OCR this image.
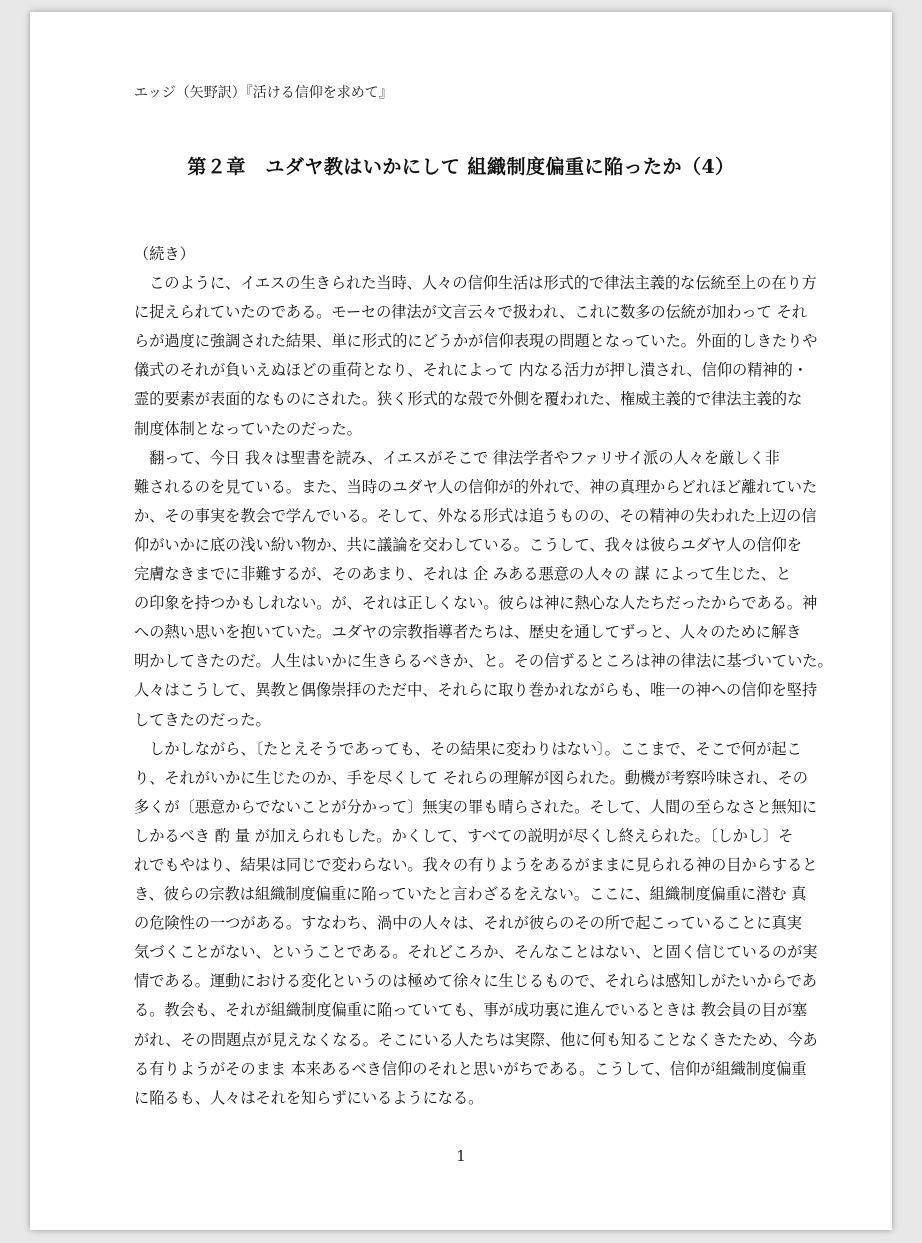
エッジ（矢野訳）『活ける信仰を求めて』
第２章　ユダヤ教はいかにして 組織制度偏重に陥ったか（4）
（続き）
　このように、イエスの生きられた当時、人々の信仰生活は形式的で律法主義的な伝統至上の在り方
に捉えられていたのである。モーセの律法が文言云々で扱われ、これに数多の伝統が加わって それ
らが過度に強調された結果、単に形式的にどうかが信仰表現の問題となっていた。外面的しきたりや
儀式のそれが負いえぬほどの重荷となり、それによって 内なる活力が押し潰され、信仰の精神的・
霊的要素が表面的なものにされた。狭く形式的な殻で外側を覆われた、権威主義的で律法主義的な
制度体制となっていたのだった。
　翻って、今日 我々は聖書を読み、イエスがそこで 律法学者やファリサイ派の人々を厳しく非
難されるのを見ている。また、当時のユダヤ人の信仰が的外れで、神の真理からどれほど離れていた
か、その事実を教会で学んでいる。そして、外なる形式は追うものの、その精神の失われた上辺の信
仰がいかに底の浅い紛い物か、共に議論を交わしている。こうして、我々は彼らユダヤ人の信仰を
完膚なきまでに非難するが、そのあまり、それは 企 みある悪意の人々の 謀 によって生じた、と
の印象を持つかもしれない。が、それは正しくない。彼らは神に熱心な人たちだったからである。神
への熱い思いを抱いていた。ユダヤの宗教指導者たちは、歴史を通してずっと、人々のために解き
明かしてきたのだ。人生はいかに生きらるべきか、と。その信ずるところは神の律法に基づいていた。
人々はこうして、異教と偶像崇拝のただ中、それらに取り巻かれながらも、唯一の神への信仰を堅持
してきたのだった。
　しかしながら、〔たとえそうであっても、その結果に変わりはない〕。ここまで、そこで何が起こ
り、それがいかに生じたのか、手を尽くして それらの理解が図られた。動機が考察吟味され、その
多くが〔悪意からでないことが分かって〕無実の罪も晴らされた。そして、人間の至らなさと無知に
しかるべき 酌 量 が加えられもした。かくして、すべての説明が尽くし終えられた。〔しかし〕そ
れでもやはり、結果は同じで変わらない。我々の有りようをあるがままに見られる神の目からすると
き、彼らの宗教は組織制度偏重に陥っていたと言わざるをえない。ここに、組織制度偏重に潜む 真
の危険性の一つがある。すなわち、渦中の人々は、それが彼らのその所で起こっていることに真実
気づくことがない、ということである。それどころか、そんなことはない、と固く信じているのが実
情である。運動における変化というのは極めて徐々に生じるもので、それらは感知しがたいからであ
る。教会も、それが組織制度偏重に陥っていても、事が成功裏に進んでいるときは 教会員の目が塞
がれ、その問題点が見えなくなる。そこにいる人たちは実際、他に何も知ることなくきたため、今あ
る有りようがそのまま 本来あるべき信仰のそれと思いがちである。こうして、信仰が組織制度偏重
に陥るも、人々はそれを知らずにいるようになる。
1
